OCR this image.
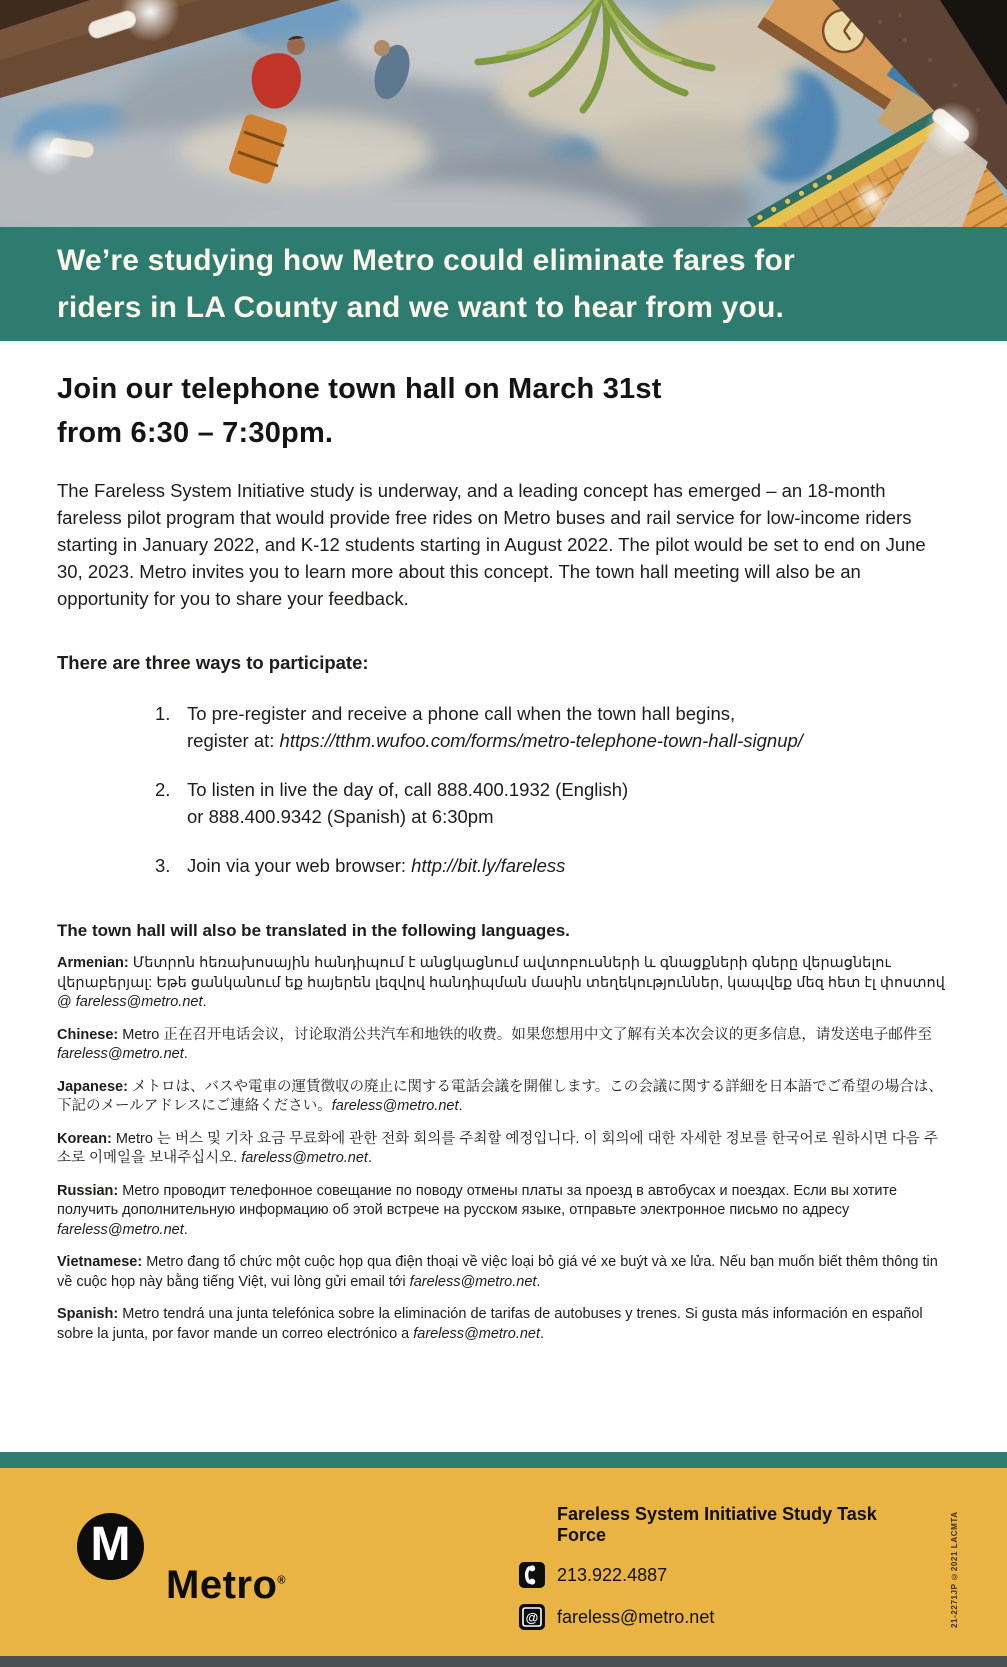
We’re studying how Metro could eliminate fares for
riders in LA County and we want to hear from you.
Join our telephone town hall on March 31st
from 6:30 – 7:30pm.

The Fareless System Initiative study is underway, and a leading concept has emerged – an 18-month fareless pilot program that would provide free rides on Metro buses and rail service for low-income riders starting in January 2022, and K-12 students starting in August 2022. The pilot would be set to end on June 30, 2023. Metro invites you to learn more about this concept. The town hall meeting will also be an opportunity for you to share your feedback.

There are three ways to participate:

1. To pre-register and receive a phone call when the town hall begins,
register at: https://tthm.wufoo.com/forms/metro-telephone-town-hall-signup/
2. To listen in live the day of, call 888.400.1932 (English)
or 888.400.9342 (Spanish) at 6:30pm
3. Join via your web browser: http://bit.ly/fareless

The town hall will also be translated in the following languages.

Armenian: Մետրոն հեռախոսային հանդիպում է անցկացնում ավտոբուսների և գնացքների գները վերացնելու վերաբերյալ: Եթե ցանկանում եք հայերեն լեզվով հանդիպման մասին տեղեկություններ, կապվեք մեզ հետ էլ փոստով @ fareless@metro.net.

Chinese: Metro 正在召开电话会议，讨论取消公共汽车和地铁的收费。如果您想用中文了解有关本次会议的更多信息，请发送电子邮件至 fareless@metro.net.

Japanese: メトロは、バスや電車の運賃徴収の廃止に関する電話会議を開催します。この会議に関する詳細を日本語でご希望の場合は、下記のメールアドレスにご連絡ください。fareless@metro.net.

Korean: Metro 는 버스 및 기차 요금 무료화에 관한 전화 회의를 주최할 예정입니다. 이 회의에 대한 자세한 정보를 한국어로 원하시면 다음 주소로 이메일을 보내주십시오. fareless@metro.net.

Russian: Metro проводит телефонное совещание по поводу отмены платы за проезд в автобусах и поездах. Если вы хотите получить дополнительную информацию об этой встрече на русском языке, отправьте электронное письмо по адресу fareless@metro.net.

Vietnamese: Metro đang tổ chức một cuộc họp qua điện thoại về việc loại bỏ giá vé xe buýt và xe lửa. Nếu bạn muốn biết thêm thông tin về cuộc họp này bằng tiếng Việt, vui lòng gửi email tới fareless@metro.net.

Spanish: Metro tendrá una junta telefónica sobre la eliminación de tarifas de autobuses y trenes. Si gusta más información en español sobre la junta, por favor mande un correo electrónico a fareless@metro.net.

M
Metro®
Fareless System Initiative Study Task Force
213.922.4887
@ fareless@metro.net	21-2271JP ©2021 LACMTA
